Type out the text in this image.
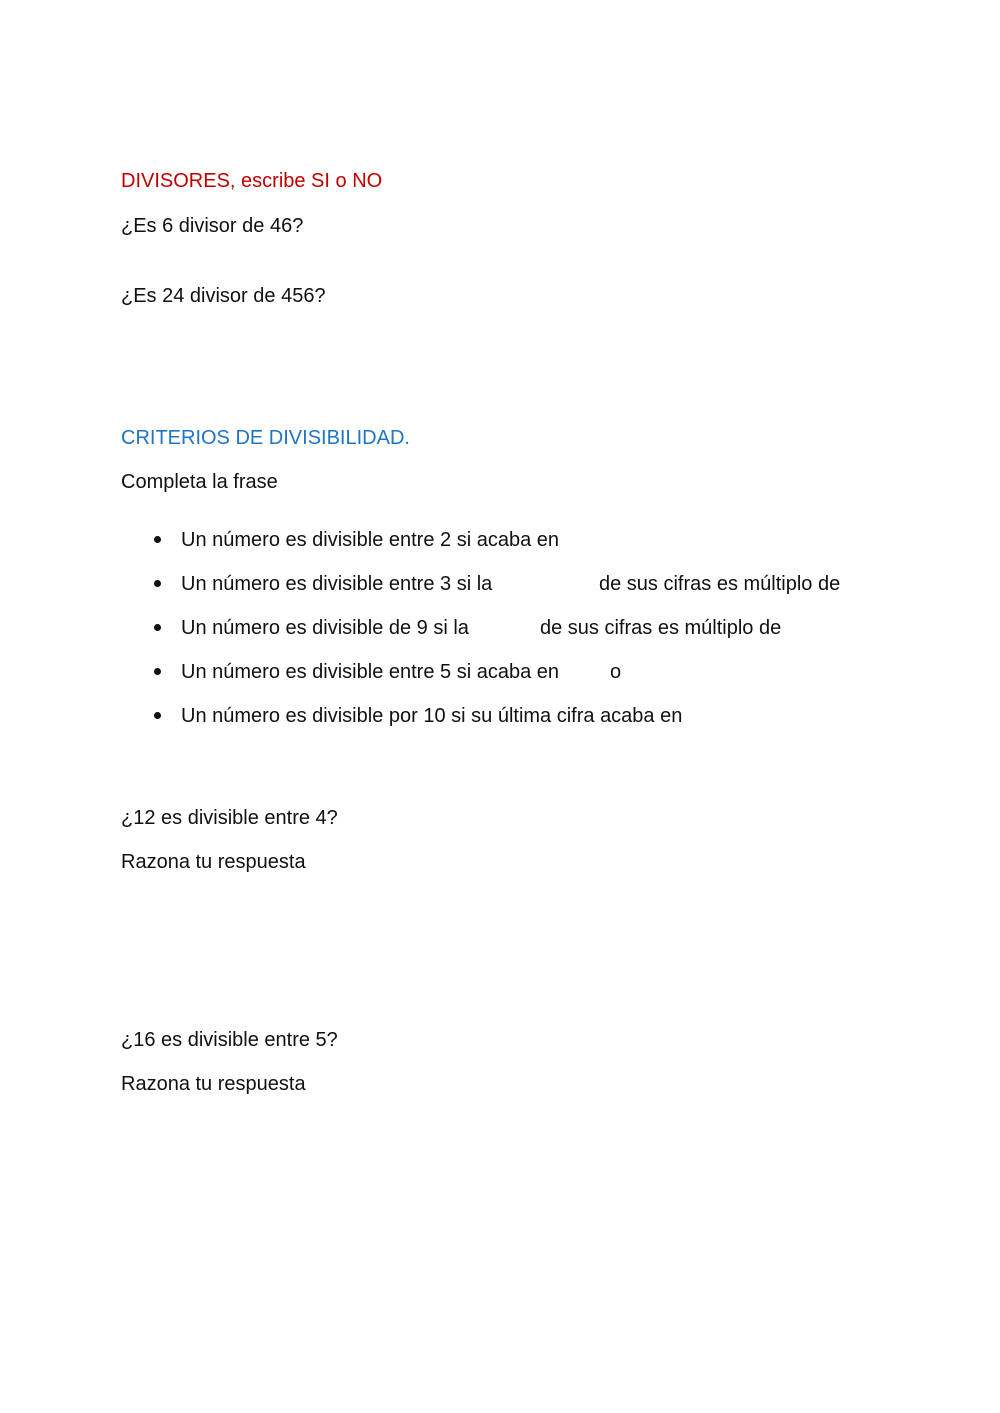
DIVISORES, escribe SI o NO
¿Es 6 divisor de 46?
¿Es 24 divisor de 456?
CRITERIOS DE DIVISIBILIDAD.
Completa la frase
Un número es divisible entre 2 si acaba en
Un número es divisible entre 3 si la	de sus cifras es múltiplo de
Un número es divisible de 9 si la	de sus cifras es múltiplo de
Un número es divisible entre 5 si acaba en	o
Un número es divisible por 10 si su última cifra acaba en
¿12 es divisible entre 4?
Razona tu respuesta
¿16 es divisible entre 5?
Razona tu respuesta
